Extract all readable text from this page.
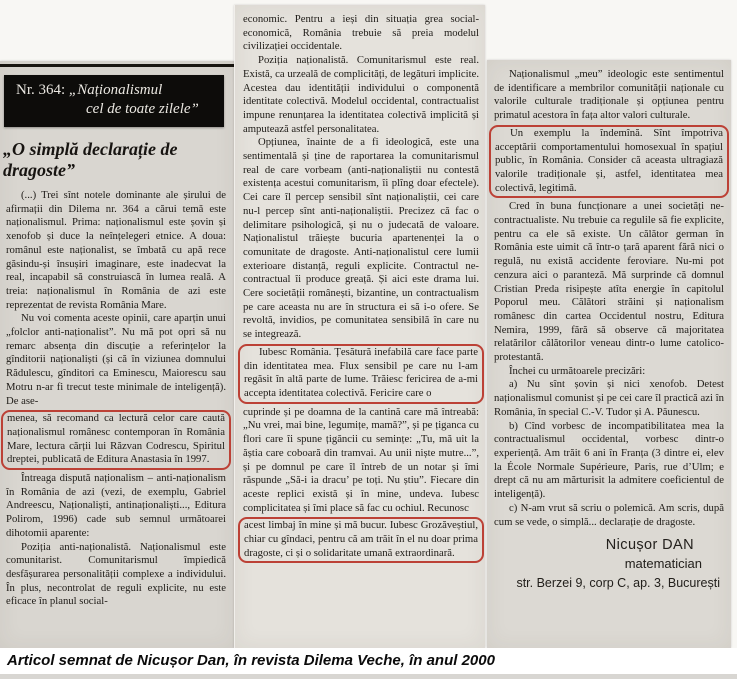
Nr. 364: „Naționalismul
cel de toate zilele”
„O simplă declarație de dragoste”

(...) Trei sînt notele dominante ale șirului de afirmații din Dilema nr. 364 a cărui temă este naționalismul. Prima: naționalismul este șovin și xenofob și duce la neînțelegeri etnice. A doua: românul este naționalist, se îmbată cu apă rece găsindu-și însușiri imaginare, este inadecvat la real, incapabil să construiască în lumea reală. A treia: naționalismul în România de azi este reprezentat de revista România Mare.

Nu voi comenta aceste opinii, care aparțin unui „folclor anti-naționalist”. Nu mă pot opri să nu remarc absența din discuție a referințelor la gînditorii naționaliști (și că în viziunea domnului Rădulescu, gînditori ca Eminescu, Maiorescu sau Motru n-ar fi trecut teste minimale de inteligență). De ase-

menea, să recomand ca lectură celor care caută naționalismul românesc contemporan în România Mare, lectura cărții lui Răzvan Codrescu, Spiritul dreptei, publicată de Editura Anastasia în 1997.

Întreaga dispută naționalism – anti-naționalism în România de azi (vezi, de exemplu, Gabriel Andreescu, Naționaliști, antinaționaliști..., Editura Polirom, 1996) cade sub semnul următoarei dihotomii aparente:

Poziția anti-naționalistă. Naționalismul este comunitarist. Comunitarismul împiedică desfășurarea personalității complexe a individului. În plus, necontrolat de reguli explicite, nu este eficace în planul social-

economic. Pentru a ieși din situația grea social-economică, România trebuie să preia modelul civilizației occidentale.

Poziția naționalistă. Comunitarismul este real. Există, ca urzeală de complicități, de legături implicite. Acestea dau identității individului o componentă identitate colectivă. Modelul occidental, contractualist impune renunțarea la identitatea colectivă implicită și amputează astfel personalitatea.

Opțiunea, înainte de a fi ideologică, este una sentimentală și ține de raportarea la comunitarismul real de care vorbeam (anti-naționaliștii nu contestă existența acestui comunitarism, îi plîng doar efectele). Cei care îl percep sensibil sînt naționaliștii, cei care nu-l percep sînt anti-naționaliștii. Precizez că fac o delimitare psihologică, și nu o judecată de valoare. Naționalistul trăiește bucuria apartenenței la o comunitate de dragoste. Anti-naționalistul cere lumii exterioare distanță, reguli explicite. Contractul ne-contractual îi produce greață. Și aici este drama lui. Cere societății românești, bizantine, un contractualism pe care aceasta nu are în structura ei să i-o ofere. Se revoltă, invidios, pe comunitatea sensibilă în care nu se integrează.

Iubesc România. Țesătură inefabilă care face parte din identitatea mea. Flux sensibil pe care nu l-am regăsit în altă parte de lume. Trăiesc fericirea de a-mi accepta identitatea colectivă. Fericire care o

cuprinde și pe doamna de la cantină care mă întreabă: „Nu vrei, mai bine, legumițe, mamă?”, și pe țiganca cu flori care îi spune țigăncii cu semințe: „Tu, mă uit la ăștia care coboară din tramvai. Au unii niște mutre...”, și pe domnul pe care îl întreb de un notar și îmi răspunde „Să-i ia dracu’ pe toți. Nu știu”. Fiecare din aceste replici există și în mine, undeva. Iubesc complicitatea și îmi place să fac cu ochiul. Recunosc

acest limbaj în mine și mă bucur. Iubesc Grozăveștiul, chiar cu gîndaci, pentru că am trăit în el nu doar prima dragoste, ci și o solidaritate umană extraordinară.

Naționalismul „meu” ideologic este sentimentul de identificare a membrilor comunității naționale cu valorile culturale tradiționale și opțiunea pentru primatul acestora în fața altor valori culturale.

Un exemplu la îndemînă. Sînt împotriva acceptării comportamentului homosexual în spațiul public, în România. Consider că aceasta ultragiază valorile tradiționale și, astfel, identitatea mea colectivă, legitimă.

Cred în buna funcționare a unei societăți ne-contractualiste. Nu trebuie ca regulile să fie explicite, pentru ca ele să existe. Un călător german în România este uimit că într-o țară aparent fără nici o regulă, nu există accidente feroviare. Nu-mi pot cenzura aici o paranteză. Mă surprinde că domnul Cristian Preda risipește atîta energie în capitolul Poporul meu. Călători străini și naționalism românesc din cartea Occidentul nostru, Editura Nemira, 1999, fără să observe că majoritatea relatărilor călătorilor veneau dintr-o lume catolico-protestantă.

Închei cu următoarele precizări:

a) Nu sînt șovin și nici xenofob. Detest naționalismul comunist și pe cei care îl practică azi în România, în special C.-V. Tudor și A. Păunescu.

b) Cînd vorbesc de incompatibilitatea mea la contractualismul occidental, vorbesc dintr-o experiență. Am trăit 6 ani în Franța (3 dintre ei, elev la École Normale Supérieure, Paris, rue d’Ulm; e drept că nu am mărturisit la admitere coeficientul de inteligență).

c) N-am vrut să scriu o polemică. Am scris, după cum se vede, o simplă... declarație de dragoste.

Nicușor DAN
matematician
str. Berzei 9, corp C, ap. 3, București
Articol semnat de Nicușor Dan, în revista Dilema Veche, în anul 2000
